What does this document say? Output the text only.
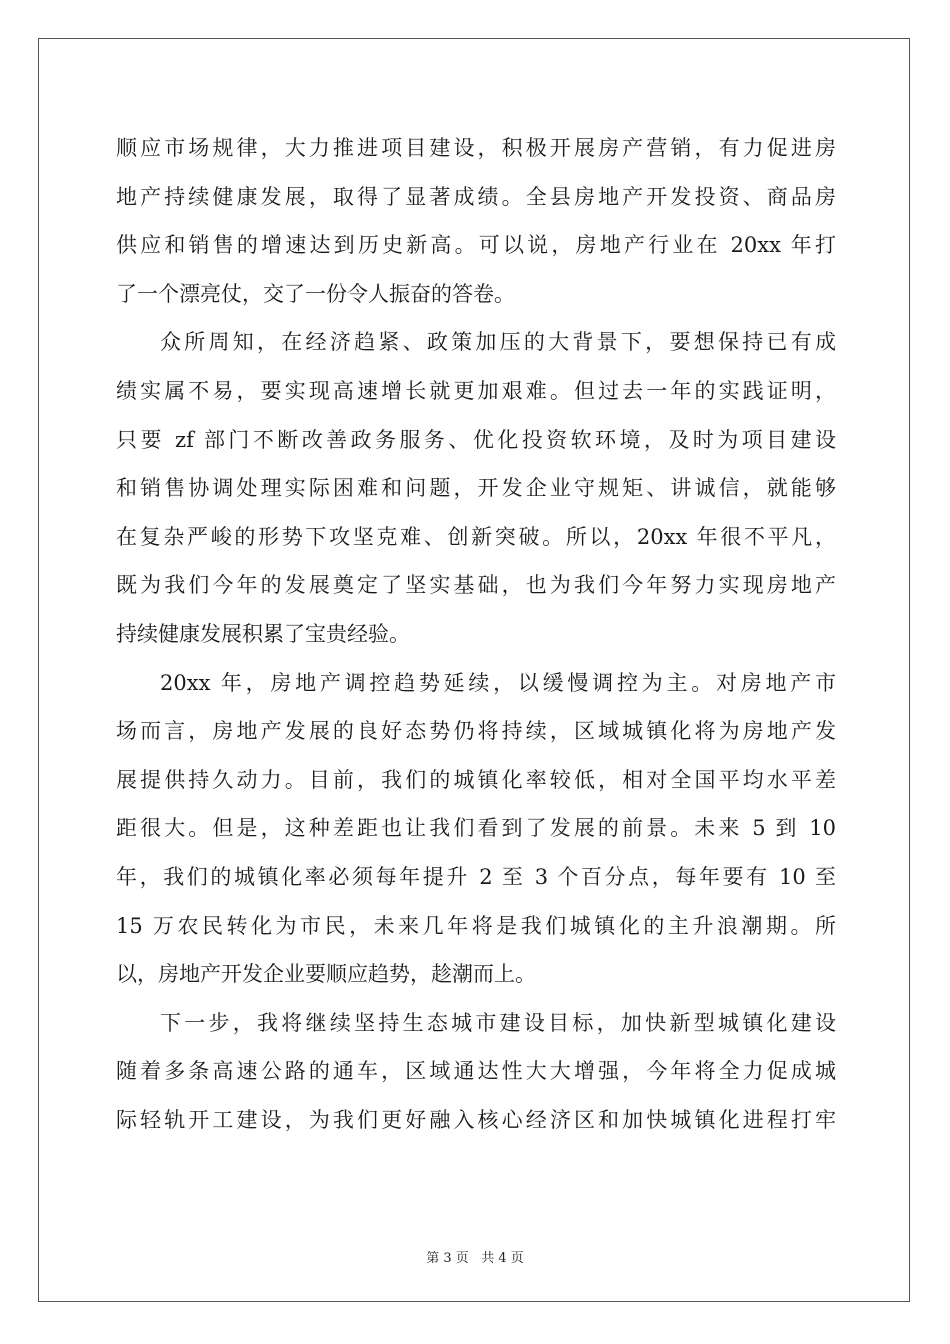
顺应市场规律，大力推进项目建设，积极开展房产营销，有力促进房
地产持续健康发展，取得了显著成绩。全县房地产开发投资、商品房
供应和销售的增速达到历史新高。可以说，房地产行业在 20xx 年打
了一个漂亮仗，交了一份令人振奋的答卷。
众所周知，在经济趋紧、政策加压的大背景下，要想保持已有成
绩实属不易，要实现高速增长就更加艰难。但过去一年的实践证明，
只要 zf 部门不断改善政务服务、优化投资软环境，及时为项目建设
和销售协调处理实际困难和问题，开发企业守规矩、讲诚信，就能够
在复杂严峻的形势下攻坚克难、创新突破。所以，20xx 年很不平凡，
既为我们今年的发展奠定了坚实基础，也为我们今年努力实现房地产
持续健康发展积累了宝贵经验。
20xx 年，房地产调控趋势延续，以缓慢调控为主。对房地产市
场而言，房地产发展的良好态势仍将持续，区域城镇化将为房地产发
展提供持久动力。目前，我们的城镇化率较低，相对全国平均水平差
距很大。但是，这种差距也让我们看到了发展的前景。未来 5 到 10
年，我们的城镇化率必须每年提升 2 至 3 个百分点，每年要有 10 至
15 万农民转化为市民，未来几年将是我们城镇化的主升浪潮期。所
以，房地产开发企业要顺应趋势，趁潮而上。
下一步，我将继续坚持生态城市建设目标，加快新型城镇化建设
随着多条高速公路的通车，区域通达性大大增强，今年将全力促成城
际轻轨开工建设，为我们更好融入核心经济区和加快城镇化进程打牢
第 3 页 共 4 页
